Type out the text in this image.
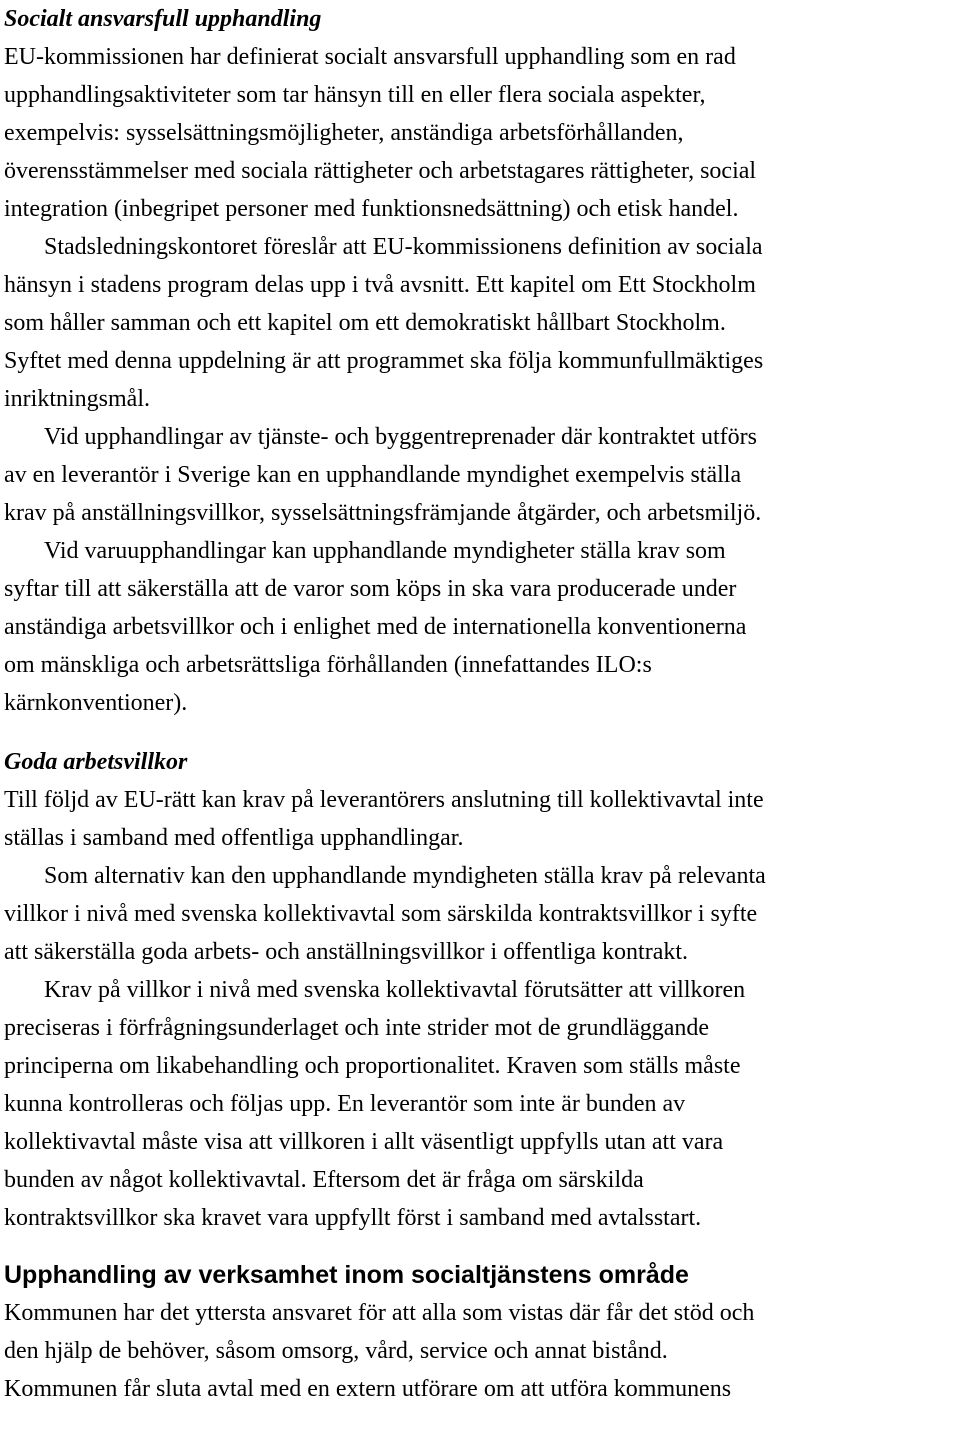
Socialt ansvarsfull upphandling

EU-kommissionen har definierat socialt ansvarsfull upphandling som en rad
upphandlingsaktiviteter som tar hänsyn till en eller flera sociala aspekter,
exempelvis: sysselsättningsmöjligheter, anständiga arbetsförhållanden,
överensstämmelser med sociala rättigheter och arbetstagares rättigheter, social
integration (inbegripet personer med funktionsnedsättning) och etisk handel.

Stadsledningskontoret föreslår att EU-kommissionens definition av sociala
hänsyn i stadens program delas upp i två avsnitt. Ett kapitel om Ett Stockholm
som håller samman och ett kapitel om ett demokratiskt hållbart Stockholm.
Syftet med denna uppdelning är att programmet ska följa kommunfullmäktiges
inriktningsmål.

Vid upphandlingar av tjänste- och byggentreprenader där kontraktet utförs
av en leverantör i Sverige kan en upphandlande myndighet exempelvis ställa
krav på anställningsvillkor, sysselsättningsfrämjande åtgärder, och arbetsmiljö.

Vid varuupphandlingar kan upphandlande myndigheter ställa krav som
syftar till att säkerställa att de varor som köps in ska vara producerade under
anständiga arbetsvillkor och i enlighet med de internationella konventionerna
om mänskliga och arbetsrättsliga förhållanden (innefattandes ILO:s
kärnkonventioner).

Goda arbetsvillkor

Till följd av EU-rätt kan krav på leverantörers anslutning till kollektivavtal inte
ställas i samband med offentliga upphandlingar.

Som alternativ kan den upphandlande myndigheten ställa krav på relevanta
villkor i nivå med svenska kollektivavtal som särskilda kontraktsvillkor i syfte
att säkerställa goda arbets- och anställningsvillkor i offentliga kontrakt.

Krav på villkor i nivå med svenska kollektivavtal förutsätter att villkoren
preciseras i förfrågningsunderlaget och inte strider mot de grundläggande
principerna om likabehandling och proportionalitet. Kraven som ställs måste
kunna kontrolleras och följas upp. En leverantör som inte är bunden av
kollektivavtal måste visa att villkoren i allt väsentligt uppfylls utan att vara
bunden av något kollektivavtal. Eftersom det är fråga om särskilda
kontraktsvillkor ska kravet vara uppfyllt först i samband med avtalsstart.

Upphandling av verksamhet inom socialtjänstens område

Kommunen har det yttersta ansvaret för att alla som vistas där får det stöd och
den hjälp de behöver, såsom omsorg, vård, service och annat bistånd.
Kommunen får sluta avtal med en extern utförare om att utföra kommunens
